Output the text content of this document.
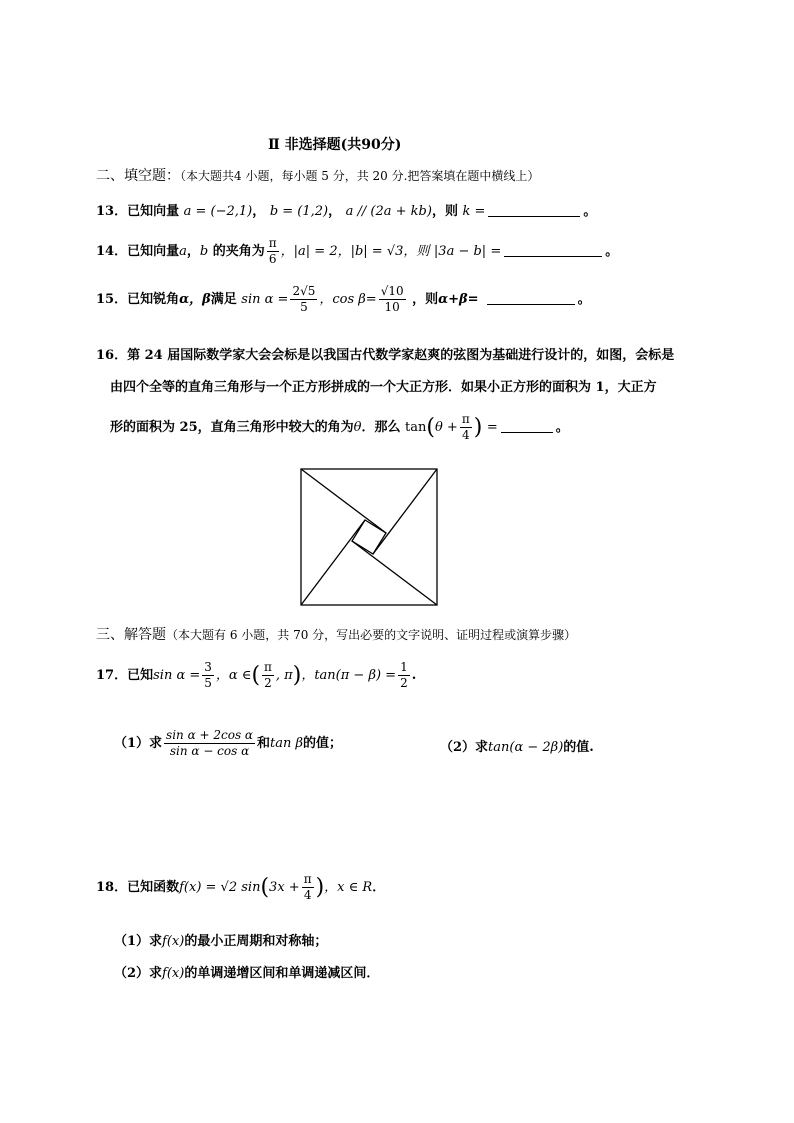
Ⅱ 非选择题(共90分)
二、填空题：（本大题共4 小题，每小题 5 分，共 20 分.把答案填在题中横线上）
13．已知向量 a = (−2,1)， b = (1,2)， a // (2a + kb)，则 k =	。
14．已知向量a，b 的夹角为 $\frac{\pi}{6}$ ，|a| = 2，|b| = √3，则 |3a − b| =	。
15．已知锐角α，β满足 $\sin \alpha = \frac{2√5}{5}$ ，$\cos \beta= \frac{√10}{10}$ ，则α+β=	。
16．第 24 届国际数学家大会会标是以我国古代数学家赵爽的弦图为基础进行设计的，如图，会标是
由四个全等的直角三角形与一个正方形拼成的一个大正方形．如果小正方形的面积为 1，大正方
形的面积为 25，直角三角形中较大的角为θ．那么 $\tan(\theta + \frac{\pi}{4}$ ) =	。
三、解答题（本大题有 6 小题，共 70 分，写出必要的文字说明、证明过程或演算步骤）
17．已知$\sin \alpha = \frac{3}{5}$ ，α ∈( $\frac{\pi}{2}$ , π)，$\tan(\pi - \beta) = \frac{1}{2}$ .
（1）求 $\frac{\text{sin α + 2cos α}}{\text{sin α − cos α}}$ 和tan β的值；	（2）求tan(α − 2β)的值.
18．已知函数f(x) = √2 $\sin(3x + \frac{\pi}{4}$ )，x ∈ R．
（1）求f(x)的最小正周期和对称轴；
（2）求f(x)的单调递增区间和单调递减区间．
